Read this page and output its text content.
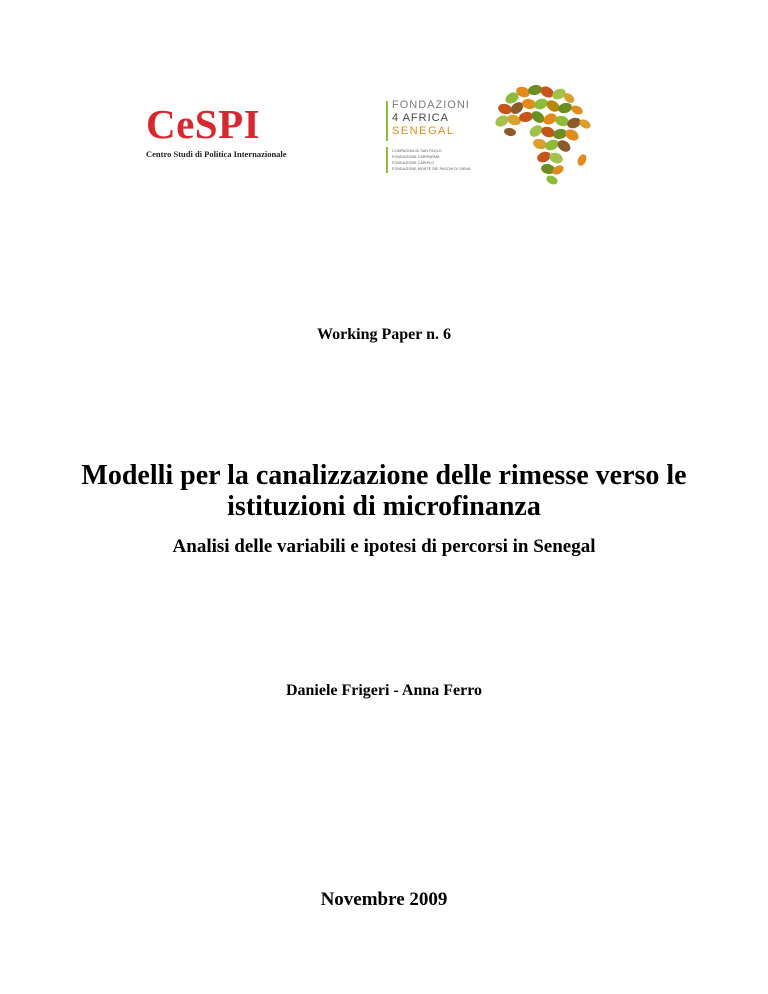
CeSPI
Centro Studi di Politica Internazionale
FONDAZIONI
4 AFRICA
SENEGAL
COMPAGNIA DI SAN PAOLO
FONDAZIONE CARIPARMA
FONDAZIONE CARIPLO
FONDAZIONE MONTE DEI PASCHI DI SIENA
Working Paper n. 6
Modelli per la canalizzazione delle rimesse verso le
istituzioni di microfinanza
Analisi delle variabili e ipotesi di percorsi in Senegal
Daniele Frigeri - Anna Ferro
Novembre 2009
